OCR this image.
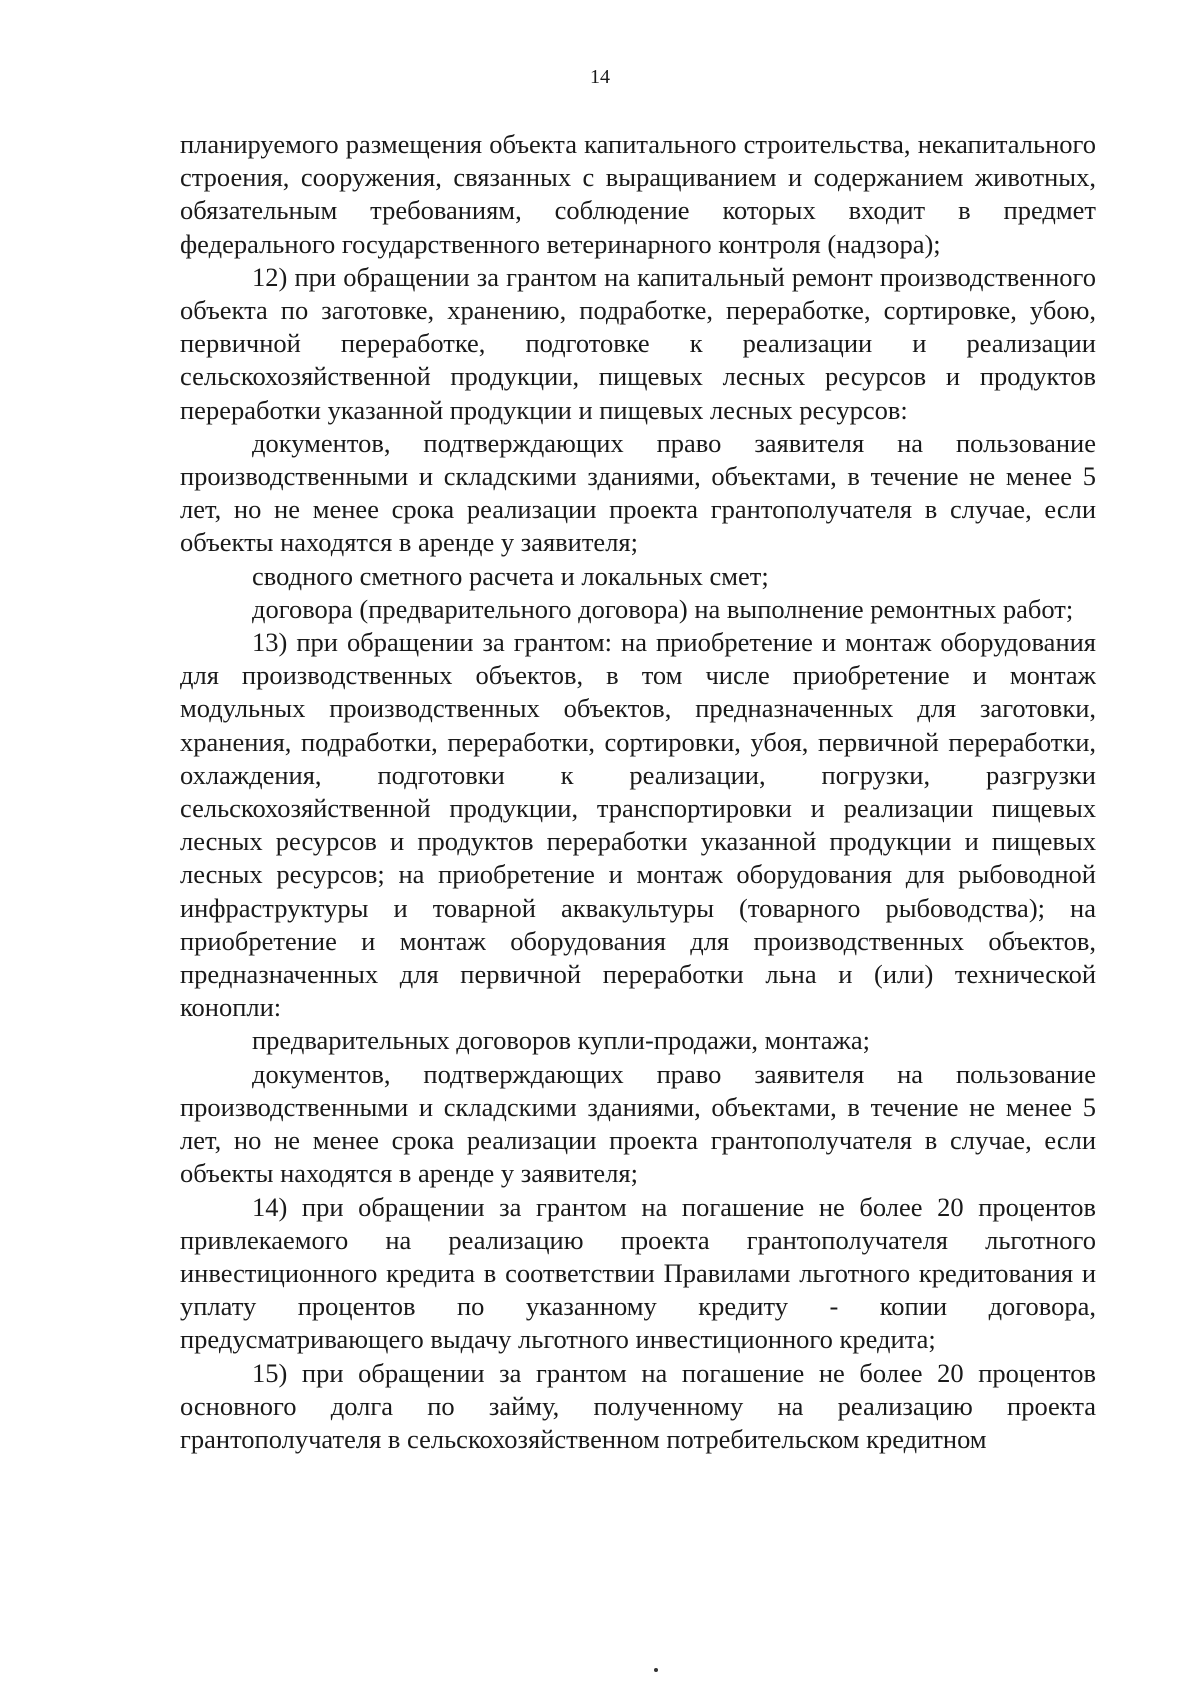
14

планируемого размещения объекта капитального строительства, некапитального строения, сооружения, связанных с выращиванием и содержанием животных, обязательным требованиям, соблюдение которых входит в предмет федерального государственного ветеринарного контроля (надзора);

12) при обращении за грантом на капитальный ремонт производственного объекта по заготовке, хранению, подработке, переработке, сортировке, убою, первичной переработке, подготовке к реализации и реализации сельскохозяйственной продукции, пищевых лесных ресурсов и продуктов переработки указанной продукции и пищевых лесных ресурсов:

документов, подтверждающих право заявителя на пользование производственными и складскими зданиями, объектами, в течение не менее 5 лет, но не менее срока реализации проекта грантополучателя в случае, если объекты находятся в аренде у заявителя;

сводного сметного расчета и локальных смет;

договора (предварительного договора) на выполнение ремонтных работ;

13) при обращении за грантом: на приобретение и монтаж оборудования для производственных объектов, в том числе приобретение и монтаж модульных производственных объектов, предназначенных для заготовки, хранения, подработки, переработки, сортировки, убоя, первичной переработки, охлаждения, подготовки к реализации, погрузки, разгрузки сельскохозяйственной продукции, транспортировки и реализации пищевых лесных ресурсов и продуктов переработки указанной продукции и пищевых лесных ресурсов; на приобретение и монтаж оборудования для рыбоводной инфраструктуры и товарной аквакультуры (товарного рыбоводства); на приобретение и монтаж оборудования для производственных объектов, предназначенных для первичной переработки льна и (или) технической конопли:

предварительных договоров купли-продажи, монтажа;

документов, подтверждающих право заявителя на пользование производственными и складскими зданиями, объектами, в течение не менее 5 лет, но не менее срока реализации проекта грантополучателя в случае, если объекты находятся в аренде у заявителя;

14) при обращении за грантом на погашение не более 20 процентов привлекаемого на реализацию проекта грантополучателя льготного инвестиционного кредита в соответствии Правилами льготного кредитования и уплату процентов по указанному кредиту - копии договора, предусматривающего выдачу льготного инвестиционного кредита;

15) при обращении за грантом на погашение не более 20 процентов основного долга по займу, полученному на реализацию проекта грантополучателя в сельскохозяйственном потребительском кредитном
